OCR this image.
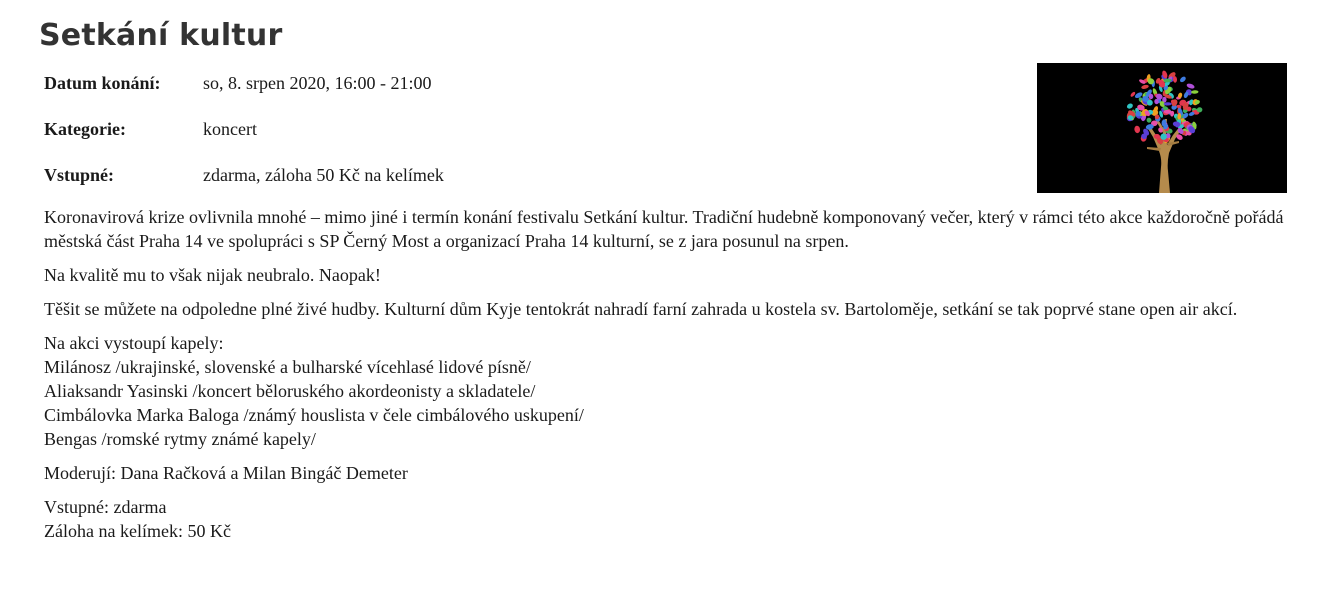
Setkání kultur
Datum konání:	so, 8. srpen 2020, 16:00 - 21:00
Kategorie:	koncert
Vstupné:	zdarma, záloha 50 Kč na kelímek

Koronavirová krize ovlivnila mnohé – mimo jiné i termín konání festivalu Setkání kultur. Tradiční hudebně komponovaný večer, který v rámci této akce každoročně pořádá městská část Praha 14 ve spolupráci s SP Černý Most a organizací Praha 14 kulturní, se z jara posunul na srpen.

Na kvalitě mu to však nijak neubralo. Naopak!

Těšit se můžete na odpoledne plné živé hudby. Kulturní dům Kyje tentokrát nahradí farní zahrada u kostela sv. Bartoloměje, setkání se tak poprvé stane open air akcí.

Na akci vystoupí kapely:
Milánosz /ukrajinské, slovenské a bulharské vícehlasé lidové písně/
Aliaksandr Yasinski /koncert běloruského akordeonisty a skladatele/
Cimbálovka Marka Baloga /známý houslista v čele cimbálového uskupení/
Bengas /romské rytmy známé kapely/

Moderují: Dana Račková a Milan Bingáč Demeter

Vstupné: zdarma
Záloha na kelímek: 50 Kč
